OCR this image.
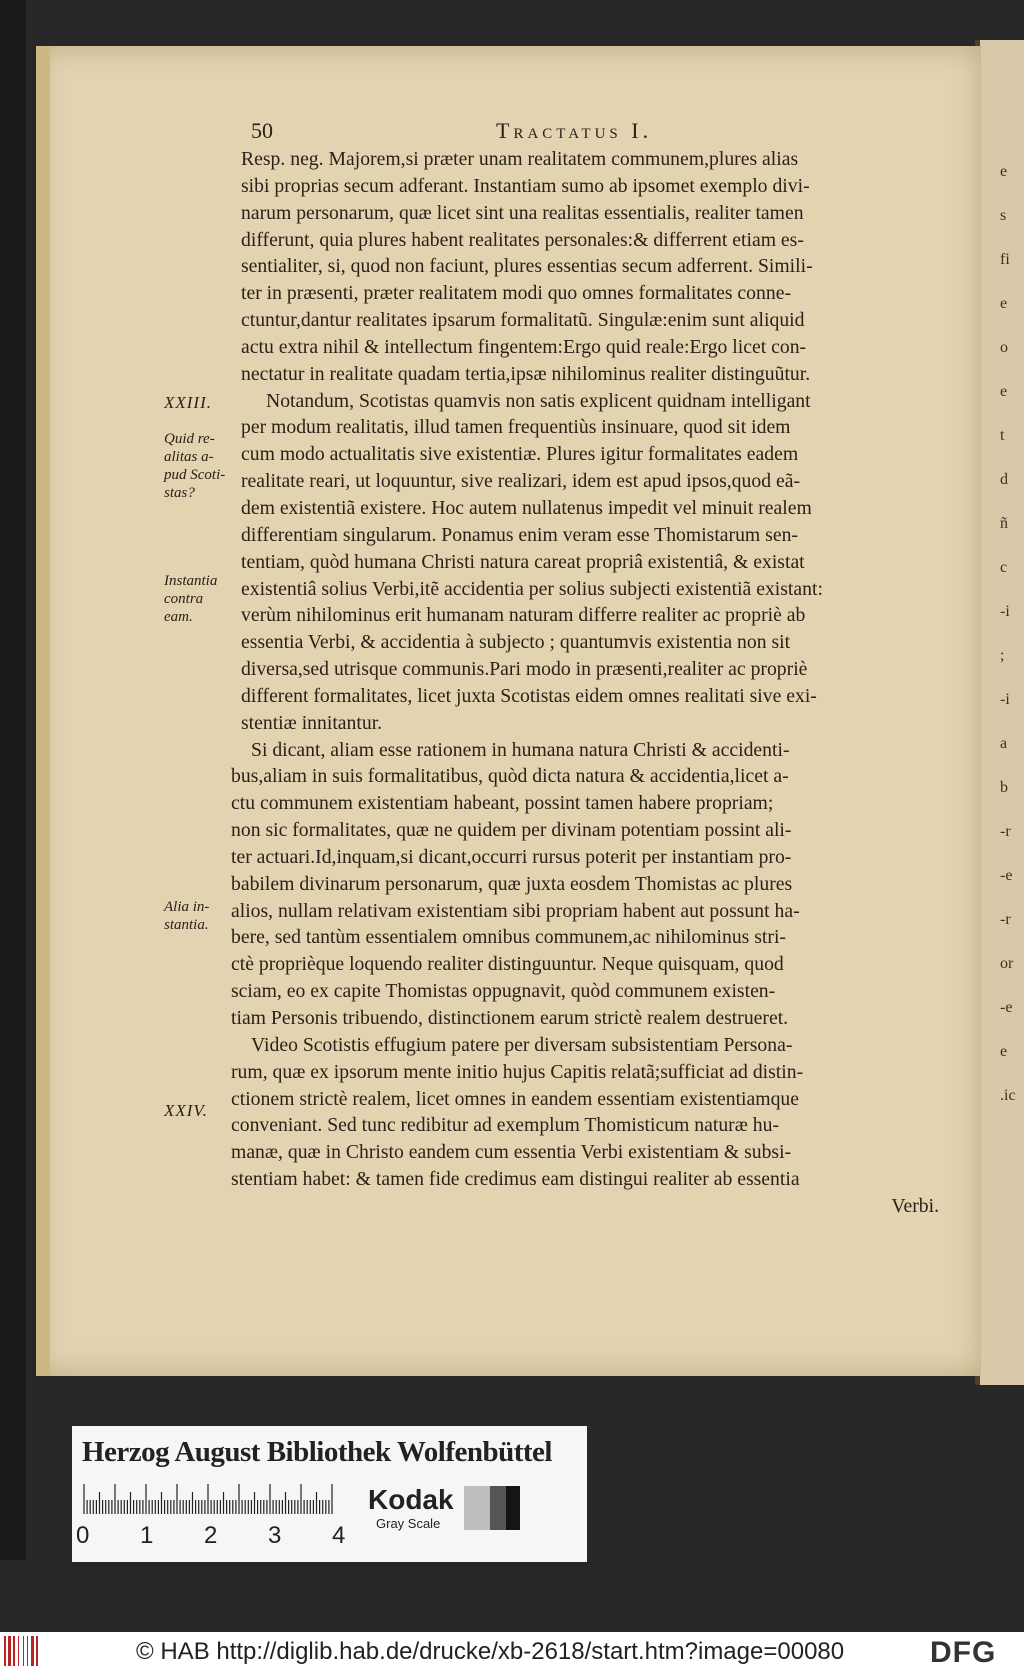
e
s
fi
e
o
e
t
d
ñ
c
-i
;
-i
a
b
-r
-e
-r
or
-e
e
.ic
50	Tractatus I.
XXIII.
Quid re-
alitas a-
pud Scoti-
stas?
Instantia
contra
eam.
Alia in-
stantia.
XXIV.
Resp. neg. Majorem,si præter unam realitatem communem,plures alias
sibi proprias secum adferant. Instantiam sumo ab ipsomet exemplo divi-
narum personarum, quæ licet sint una realitas essentialis, realiter tamen
differunt, quia plures habent realitates personales:& differrent etiam es-
sentialiter, si, quod non faciunt, plures essentias secum adferrent. Simili-
ter in præsenti, præter realitatem modi quo omnes formalitates conne-
ctuntur,dantur realitates ipsarum formalitatũ. Singulæ:enim sunt aliquid
actu extra nihil & intellectum fingentem:Ergo quid reale:Ergo licet con-
nectatur in realitate quadam tertia,ipsæ nihilominus realiter distinguũtur.
Notandum, Scotistas quamvis non satis explicent quidnam intelligant
per modum realitatis, illud tamen frequentiùs insinuare, quod sit idem
cum modo actualitatis sive existentiæ. Plures igitur formalitates eadem
realitate reari, ut loquuntur, sive realizari, idem est apud ipsos,quod eã-
dem existentiã existere. Hoc autem nullatenus impedit vel minuit realem
differentiam singularum. Ponamus enim veram esse Thomistarum sen-
tentiam, quòd humana Christi natura careat propriâ existentiâ, & existat
existentiâ solius Verbi,itẽ accidentia per solius subjecti existentiã existant:
verùm nihilominus erit humanam naturam differre realiter ac propriè ab
essentia Verbi, & accidentia à subjecto ; quantumvis existentia non sit
diversa,sed utrisque communis.Pari modo in præsenti,realiter ac propriè
different formalitates, licet juxta Scotistas eidem omnes realitati sive exi-
stentiæ innitantur.
Si dicant, aliam esse rationem in humana natura Christi & accidenti-
bus,aliam in suis formalitatibus, quòd dicta natura & accidentia,licet a-
ctu communem existentiam habeant, possint tamen habere propriam;
non sic formalitates, quæ ne quidem per divinam potentiam possint ali-
ter actuari.Id,inquam,si dicant,occurri rursus poterit per instantiam pro-
babilem divinarum personarum, quæ juxta eosdem Thomistas ac plures
alios, nullam relativam existentiam sibi propriam habent aut possunt ha-
bere, sed tantùm essentialem omnibus communem,ac nihilominus stri-
ctè proprièque loquendo realiter distinguuntur. Neque quisquam, quod
sciam, eo ex capite Thomistas oppugnavit, quòd communem existen-
tiam Personis tribuendo, distinctionem earum strictè realem destrueret.
Video Scotistis effugium patere per diversam subsistentiam Persona-
rum, quæ ex ipsorum mente initio hujus Capitis relatã;sufficiat ad distin-
ctionem strictè realem, licet omnes in eandem essentiam existentiamque
conveniant. Sed tunc redibitur ad exemplum Thomisticum naturæ hu-
manæ, quæ in Christo eandem cum essentia Verbi existentiam & subsi-
stentiam habet: & tamen fide credimus eam distingui realiter ab essentia
Verbi.
Herzog August Bibliothek Wolfenbüttel
0 1 2 3 4
Kodak
Gray Scale
© HAB http://diglib.hab.de/drucke/xb-2618/start.htm?image=00080	DFG
